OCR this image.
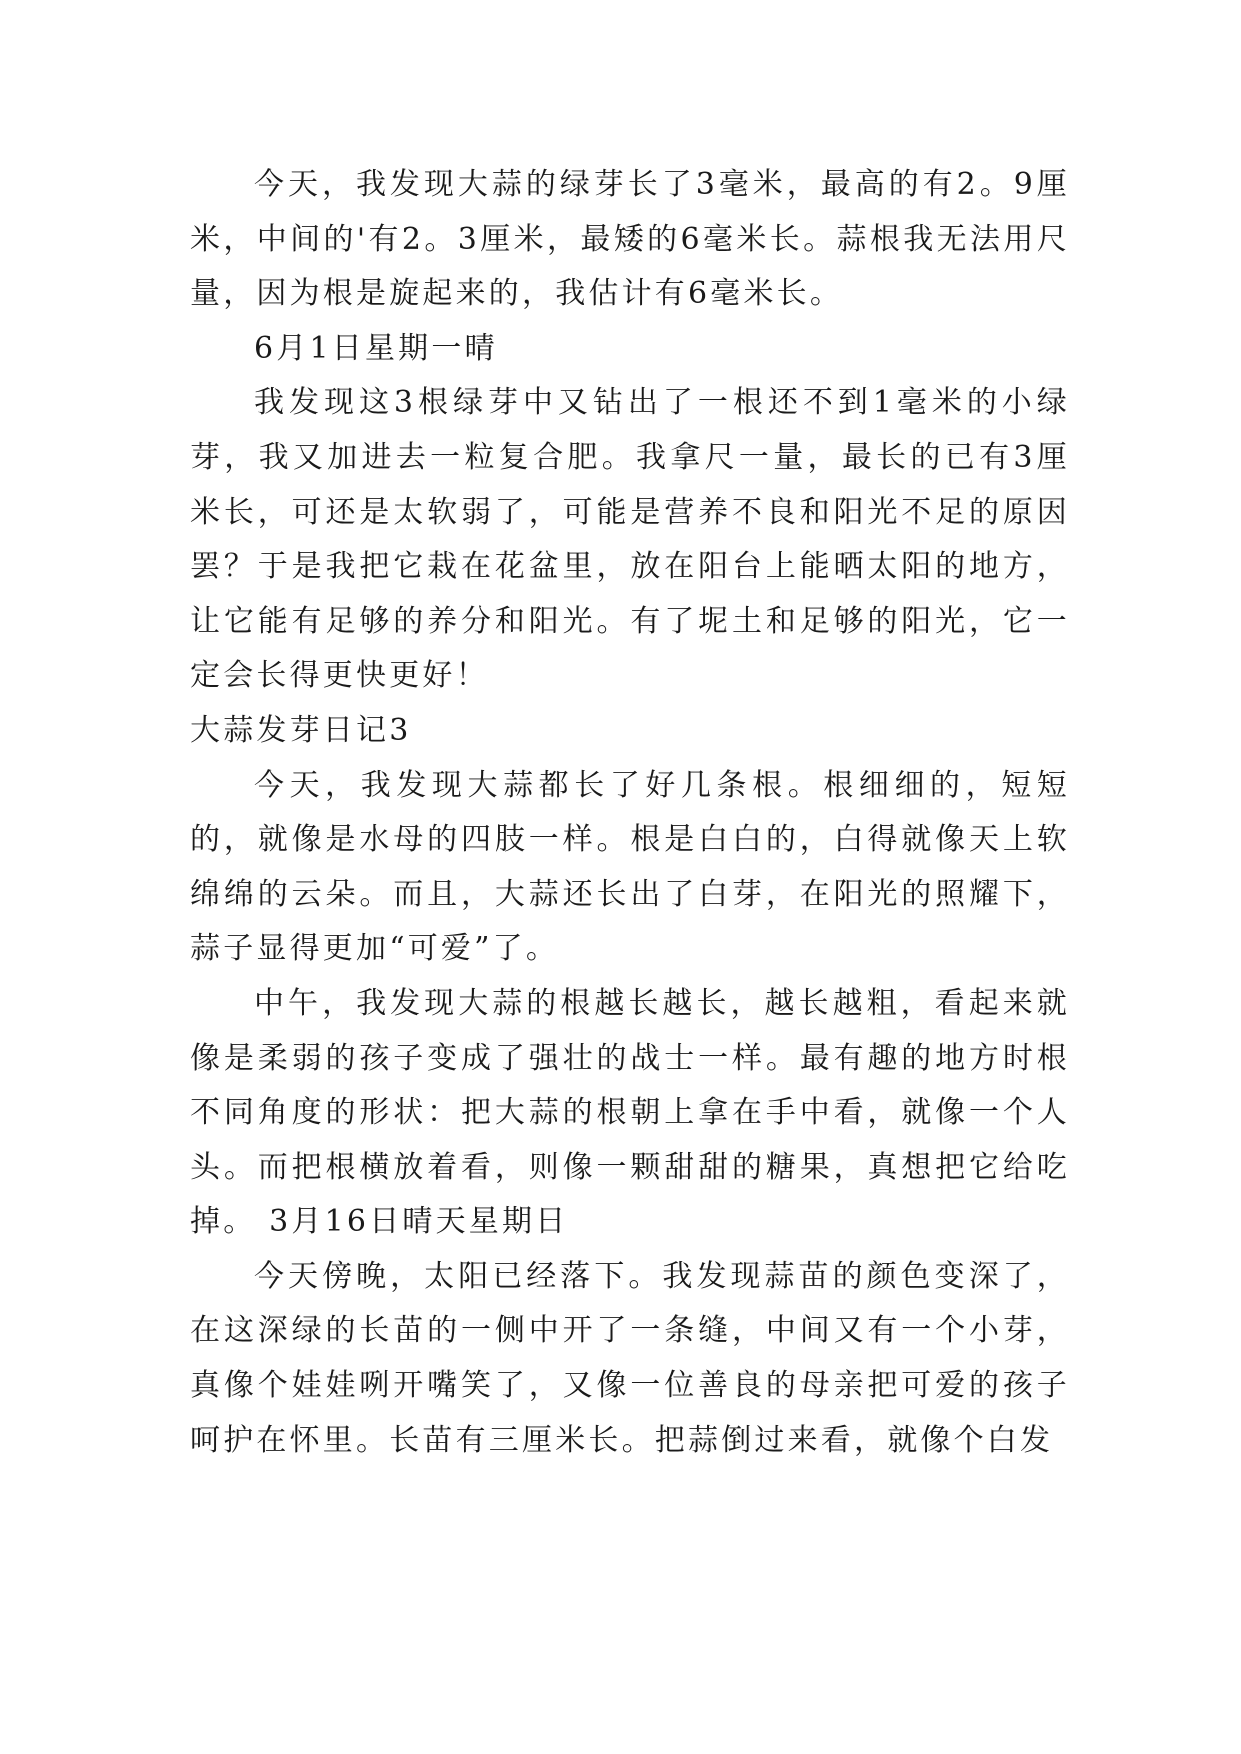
今天，我发现大蒜的绿芽长了3毫米，最高的有2。9厘米，中间的'有2。3厘米，最矮的6毫米长。蒜根我无法用尺量，因为根是旋起来的，我估计有6毫米长。

6月1日星期一晴

我发现这3根绿芽中又钻出了一根还不到1毫米的小绿芽，我又加进去一粒复合肥。我拿尺一量，最长的已有3厘米长，可还是太软弱了，可能是营养不良和阳光不足的原因罢？于是我把它栽在花盆里，放在阳台上能晒太阳的地方，让它能有足够的养分和阳光。有了坭土和足够的阳光，它一定会长得更快更好！

大蒜发芽日记3

今天，我发现大蒜都长了好几条根。根细细的，短短的，就像是水母的四肢一样。根是白白的，白得就像天上软绵绵的云朵。而且，大蒜还长出了白芽，在阳光的照耀下，蒜子显得更加“可爱”了。

中午，我发现大蒜的根越长越长，越长越粗，看起来就像是柔弱的孩子变成了强壮的战士一样。最有趣的地方时根不同角度的形状：把大蒜的根朝上拿在手中看，就像一个人头。而把根横放着看，则像一颗甜甜的糖果，真想把它给吃掉。 3月16日晴天星期日

今天傍晚，太阳已经落下。我发现蒜苗的颜色变深了，在这深绿的长苗的一侧中开了一条缝，中间又有一个小芽，真像个娃娃咧开嘴笑了，又像一位善良的母亲把可爱的孩子呵护在怀里。长苗有三厘米长。把蒜倒过来看，就像个白发
